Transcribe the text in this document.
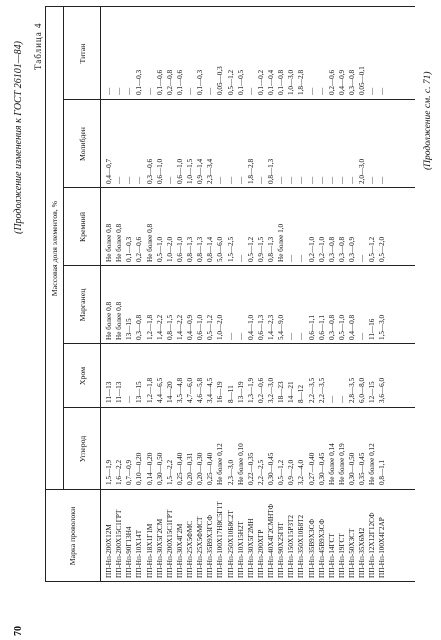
70
(Продолжение изменения к ГОСТ 26101—84) Таблица 4
Марка проволоки
Массовая доля элементов, %
Углерод
Хром
Марганец
Кремний
Молибден
Титан
ПП-Нп-200Х12М ПП-Нп-200Х15С1ГРТ ПП-Нп-90Г13Н4 ПП-Нп-10Х14Т ПП-Нп-18Х1Г1М ПП-Нп-30Х5Г2СМ ПП-Нп-200Х15С1ГРТ ПП-Нп-30Х4Г2М ПП-Нп-25Х5ФМС ПП-Нп-25Х5ФМСТ ПП-Нп-35В9Х3ГСФ ПП-Нп-100Х17Н8С5Г1Т ПП-Нп-250Х10Б8С2Т ПП-Нп-10Х15Н2Т ПП-Нп-30Х5Г2МН ПП-Нп-200ХГР ПП-Нп-40Х4Г2СМНТФ ПП-Нп-90Х25Г8Т ПП-Нп-150Х15Р3Т2 ПП-Нп-350Х10Б8Т2 ПП-Нп-35В9Х3СФ ПП-Нп-45В9Х3СФ ПП-Нп-14ГСТ ПП-Нп-19ГСТ ПП-Нп-50Х3СТ ПП-Нп-35Х6М2 ПП-Нп-12Х12Г12СФ ПП-Нп-100Х4Г2АР
1,5—1,9 1,6—2,2 0,7—0,9 0,10—0,20 0,14—0,20 0,30—0,50 1,5—2,2 0,25—0,40 0,20—0,31 0,20—0,30 0,25—0,40 Не более 0,12 2,3—3,0 Не более 0,10 0,22—0,35 2,2—2,5 0,30—0,45 0,5—1,2 0,9—2,0 3,2—4,0 0,27—0,40 0,30—0,45 Не более 0,14 Не более 0,19 0,30—0,50 0,35—0,45 Не более 0,12 0,8—1,1
11—13 11—13 — 13—15 1,2—1,8 4,4—6,5 14—20 3,5—4,8 4,7—6,0 4,6—5,8 3,4—4,5 16—19 8—11 13—19 1,3—1,9 0,2—0,6 3,2—3,0 18—23 14—21 8—12 2,2—3,5 2,2—3,5 — — 2,8—3,5 6,0—8,0 12—15 3,6—6,0
Не более 0,8 Не более 0,8 13—15 0,3—0,8 1,2—1,8 1,4—2,2 0,8—1,5 1,4—2,2 0,4—0,9 0,6—1,0 0,5—1,2 1,0—2,0 — — 0,4—1,0 0,6—1,3 1,4—2,3 5,4—9,0 — — 0,6—1,1 0,6—1,1 0,3—0,8 0,5—1,0 0,4—0,8 — 11—16 1,5—3,0
Не более 0,8 Не более 0,8 0,1—0,3 0,2—0,6 Не более 0,8 0,5—1,0 1,0—2,0 0,6—1,0 0,8—1,3 0,8—1,3 0,8—1,4 5,0—6,0 1,5—2,5 — 0,5—1,2 0,9—1,5 0,8—1,3 Не более 1,0 — — 0,2—1,0 0,2—1,0 0,3—0,8 0,3—0,8 0,3—0,9 — 0,5—1,2 0,5—2,0
0,4—0,7 — — — 0,3—0,6 0,6—1,0 — 0,6—1,0 1,0—1,5 0,9—1,4 2,3—3,4 — — — 1,8—2,8 — 0,8—1,3 — — — — — — — — 2,0—3,0 — —
— — — 0,1—0,3 — 0,1—0,6 0,2—0,8 0,1—0,6 — 0,1—0,3 — 0,05—0,3 0,5—1,2 0,1—0,5 — 0,1—0,2 0,1—0,4 0,1—0,8 1,0—3,0 1,8—2,8 — — 0,2—0,6 0,4—0,9 0,3—0,8 0,05—0,1 — —	(Продолжение см. с. 71)
